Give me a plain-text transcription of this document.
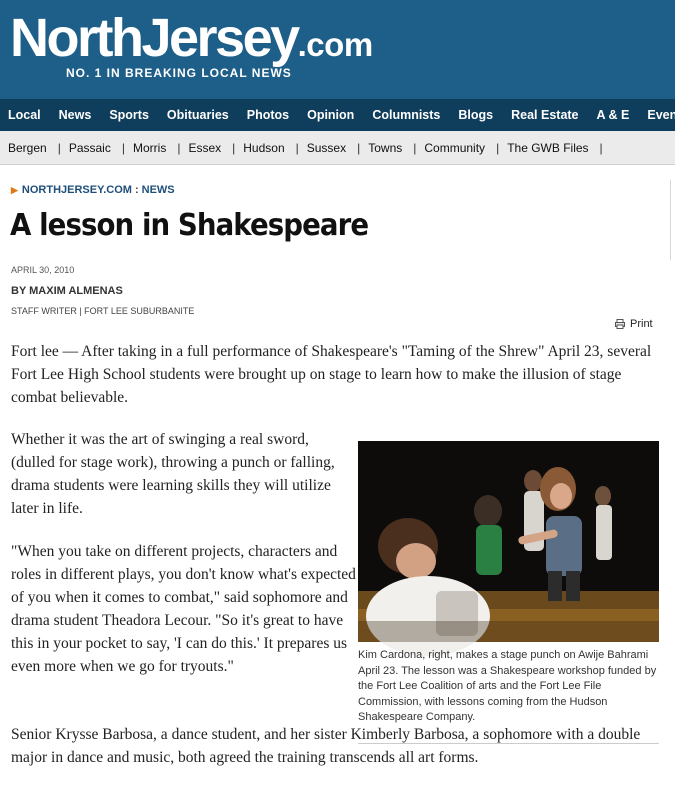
NorthJersey.com
NO. 1 IN BREAKING LOCAL NEWS
Local	News	Sports	Obituaries	Photos	Opinion	Columnists	Blogs	Real Estate	A & E	Events
Bergen | Passaic | Morris | Essex | Hudson | Sussex | Towns | Community | The GWB Files |
▶ NORTHJERSEY.COM : NEWS
A lesson in Shakespeare
APRIL 30, 2010
BY MAXIM ALMENAS
STAFF WRITER | FORT LEE SUBURBANITE
Print

Fort lee — After taking in a full performance of Shakespeare's "Taming of the Shrew" April 23, several Fort Lee High School students were brought up on stage to learn how to make the illusion of stage combat believable.

Whether it was the art of swinging a real sword, (dulled for stage work), throwing a punch or falling, drama students were learning skills they will utilize later in life.

"When you take on different projects, characters and roles in different plays, you don't know what's expected of you when it comes to combat," said sophomore and drama student Theadora Lecour. "So it's great to have this in your pocket to say, 'I can do this.' It prepares us even more when we go for tryouts."

Senior Krysse Barbosa, a dance student, and her sister Kimberly Barbosa, a sophomore with a double major in dance and music, both agreed the training transcends all art forms.

Kim Cardona, right, makes a stage punch on Awije Bahrami April 23. The lesson was a Shakespeare workshop funded by the Fort Lee Coalition of arts and the Fort Lee File Commission, with lessons coming from the Hudson Shakespeare Company.
